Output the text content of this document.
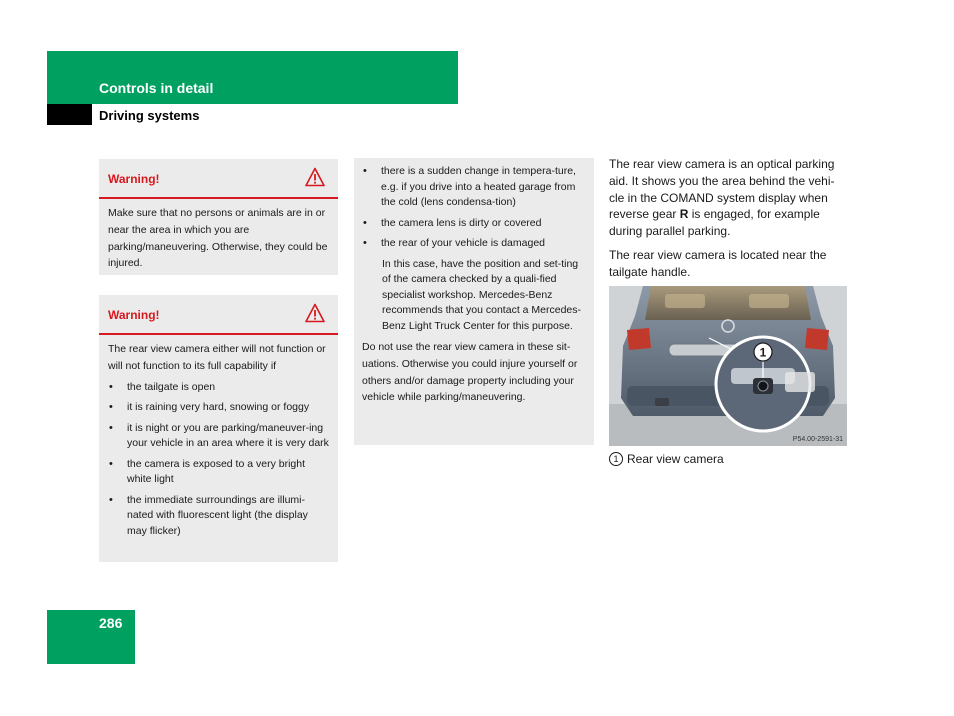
Controls in detail
Driving systems
Warning!

Make sure that no persons or animals are in or near the area in which you are parking/maneuvering. Otherwise, they could be injured.

Warning!

The rear view camera either will not function or will not function to its full capability if

• the tailgate is open
• it is raining very hard, snowing or foggy
• it is night or you are parking/maneuver-ing your vehicle in an area where it is very dark
• the camera is exposed to a very bright white light
• the immediate surroundings are illumi-nated with fluorescent light (the display may flicker)
• there is a sudden change in tempera-ture, e.g. if you drive into a heated garage from the cold (lens condensa-tion)
• the camera lens is dirty or covered
• the rear of your vehicle is damaged

In this case, have the position and set-ting of the camera checked by a quali-fied specialist workshop. Mercedes-Benz recommends that you contact a Mercedes-Benz Light Truck Center for this purpose.

Do not use the rear view camera in these sit-uations. Otherwise you could injure yourself or others and/or damage property including your vehicle while parking/maneuvering.

The rear view camera is an optical parking aid. It shows you the area behind the vehi-cle in the COMAND system display when reverse gear R is engaged, for example during parallel parking.
The rear view camera is located near the tailgate handle.
1
P54.00-2591-31
1 Rear view camera
286
